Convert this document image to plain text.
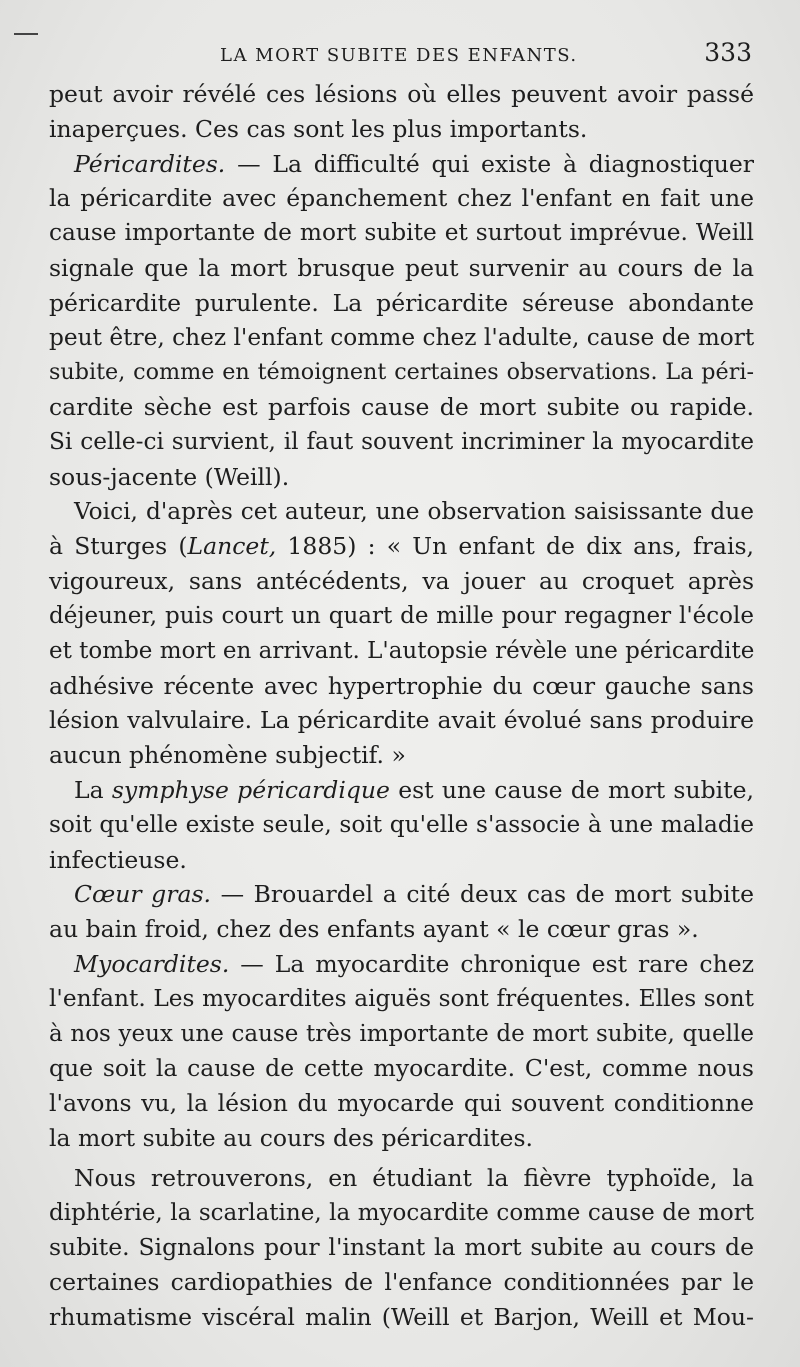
LA MORT SUBITE DES ENFANTS.	333
peut avoir révélé ces lésions où elles peuvent avoir passé
inaperçues. Ces cas sont les plus importants.
Péricardites. — La difficulté qui existe à diagnostiquer
la péricardite avec épanchement chez l'enfant en fait une
cause importante de mort subite et surtout imprévue. Weill
signale que la mort brusque peut survenir au cours de la
péricardite purulente. La péricardite séreuse abondante
peut être, chez l'enfant comme chez l'adulte, cause de mort
subite, comme en témoignent certaines observations. La péri-
cardite sèche est parfois cause de mort subite ou rapide.
Si celle-ci survient, il faut souvent incriminer la myocardite
sous-jacente (Weill).
Voici, d'après cet auteur, une observation saisissante due
à Sturges (Lancet, 1885) : « Un enfant de dix ans, frais,
vigoureux, sans antécédents, va jouer au croquet après
déjeuner, puis court un quart de mille pour regagner l'école
et tombe mort en arrivant. L'autopsie révèle une péricardite
adhésive récente avec hypertrophie du cœur gauche sans
lésion valvulaire. La péricardite avait évolué sans produire
aucun phénomène subjectif. »
La symphyse péricardique est une cause de mort subite,
soit qu'elle existe seule, soit qu'elle s'associe à une maladie
infectieuse.
Cœur gras. — Brouardel a cité deux cas de mort subite
au bain froid, chez des enfants ayant « le cœur gras ».
Myocardites. — La myocardite chronique est rare chez
l'enfant. Les myocardites aiguës sont fréquentes. Elles sont
à nos yeux une cause très importante de mort subite, quelle
que soit la cause de cette myocardite. C'est, comme nous
l'avons vu, la lésion du myocarde qui souvent conditionne
la mort subite au cours des péricardites.
Nous retrouverons, en étudiant la fièvre typhoïde, la
diphtérie, la scarlatine, la myocardite comme cause de mort
subite. Signalons pour l'instant la mort subite au cours de
certaines cardiopathies de l'enfance conditionnées par le
rhumatisme viscéral malin (Weill et Barjon, Weill et Mou-
